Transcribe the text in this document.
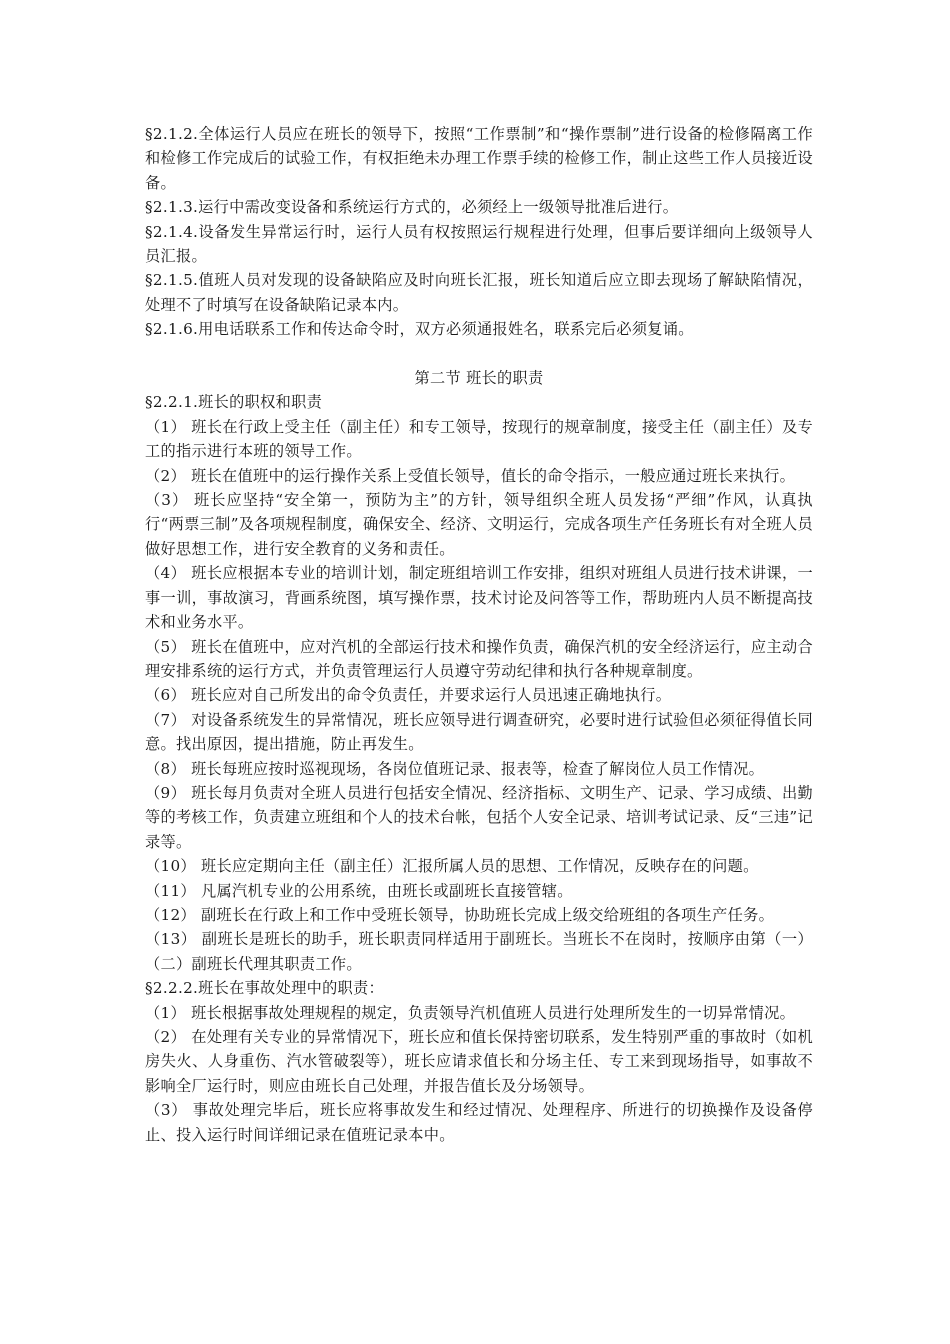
§2.1.2.全体运行人员应在班长的领导下，按照“工作票制”和“操作票制”进行设备的检修隔离工作和检修工作完成后的试验工作，有权拒绝未办理工作票手续的检修工作，制止这些工作人员接近设备。

§2.1.3.运行中需改变设备和系统运行方式的，必须经上一级领导批准后进行。

§2.1.4.设备发生异常运行时，运行人员有权按照运行规程进行处理，但事后要详细向上级领导人员汇报。

§2.1.5.值班人员对发现的设备缺陷应及时向班长汇报，班长知道后应立即去现场了解缺陷情况，处理不了时填写在设备缺陷记录本内。

§2.1.6.用电话联系工作和传达命令时，双方必须通报姓名，联系完后必须复诵。

第二节 班长的职责

§2.2.1.班长的职权和职责

（1） 班长在行政上受主任（副主任）和专工领导，按现行的规章制度，接受主任（副主任）及专工的指示进行本班的领导工作。

（2） 班长在值班中的运行操作关系上受值长领导，值长的命令指示，一般应通过班长来执行。

（3） 班长应坚持“安全第一，预防为主”的方针，领导组织全班人员发扬“严细”作风，认真执行“两票三制”及各项规程制度，确保安全、经济、文明运行，完成各项生产任务班长有对全班人员做好思想工作，进行安全教育的义务和责任。

（4） 班长应根据本专业的培训计划，制定班组培训工作安排，组织对班组人员进行技术讲课，一事一训，事故演习，背画系统图，填写操作票，技术讨论及问答等工作，帮助班内人员不断提高技术和业务水平。

（5） 班长在值班中，应对汽机的全部运行技术和操作负责，确保汽机的安全经济运行，应主动合理安排系统的运行方式，并负责管理运行人员遵守劳动纪律和执行各种规章制度。

（6） 班长应对自己所发出的命令负责任，并要求运行人员迅速正确地执行。

（7） 对设备系统发生的异常情况，班长应领导进行调查研究，必要时进行试验但必须征得值长同意。找出原因，提出措施，防止再发生。

（8） 班长每班应按时巡视现场，各岗位值班记录、报表等，检查了解岗位人员工作情况。

（9） 班长每月负责对全班人员进行包括安全情况、经济指标、文明生产、记录、学习成绩、出勤等的考核工作，负责建立班组和个人的技术台帐，包括个人安全记录、培训考试记录、反“三违”记录等。

（10） 班长应定期向主任（副主任）汇报所属人员的思想、工作情况，反映存在的问题。

（11） 凡属汽机专业的公用系统，由班长或副班长直接管辖。

（12） 副班长在行政上和工作中受班长领导，协助班长完成上级交给班组的各项生产任务。

（13） 副班长是班长的助手，班长职责同样适用于副班长。当班长不在岗时，按顺序由第（一）（二）副班长代理其职责工作。

§2.2.2.班长在事故处理中的职责：

（1） 班长根据事故处理规程的规定，负责领导汽机值班人员进行处理所发生的一切异常情况。

（2） 在处理有关专业的异常情况下，班长应和值长保持密切联系，发生特别严重的事故时（如机房失火、人身重伤、汽水管破裂等），班长应请求值长和分场主任、专工来到现场指导，如事故不影响全厂运行时，则应由班长自己处理，并报告值长及分场领导。

（3） 事故处理完毕后，班长应将事故发生和经过情况、处理程序、所进行的切换操作及设备停止、投入运行时间详细记录在值班记录本中。
